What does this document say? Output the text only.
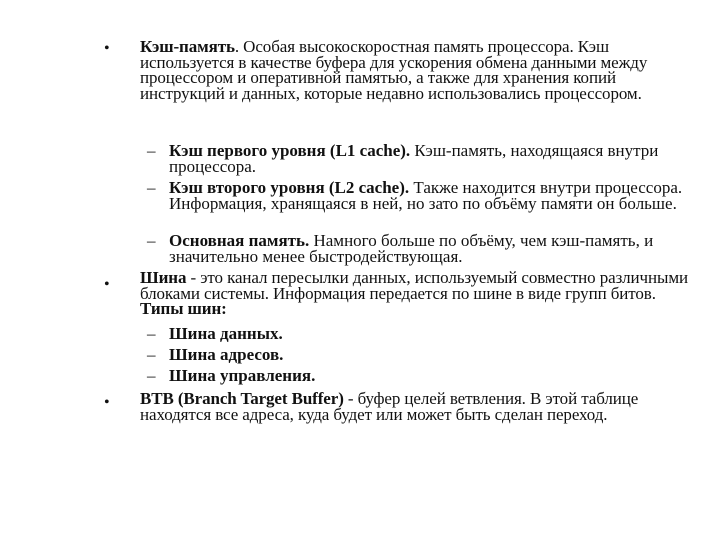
• Кэш-память. Особая высокоскоростная память процессора. Кэш используется в качестве буфера для ускорения обмена данными между процессором и оперативной памятью, а также для хранения копий инструкций и данных, которые недавно использовались процессором.
– Кэш первого уровня (L1 cache). Кэш-память, находящаяся внутри процессора.
– Кэш второго уровня (L2 cache). Также находится внутри процессора. Информация, хранящаяся в ней, но зато по объёму памяти он больше.
– Основная память. Намного больше по объёму, чем кэш-память, и значительно менее быстродействующая.
• Шина - это канал пересылки данных, используемый совместно различными блоками системы. Информация передается по шине в виде групп битов. Типы шин:
– Шина данных.
– Шина адресов.
– Шина управления.
• BTB (Branch Target Buffer) - буфер целей ветвления. В этой таблице находятся все адреса, куда будет или может быть сделан переход.
